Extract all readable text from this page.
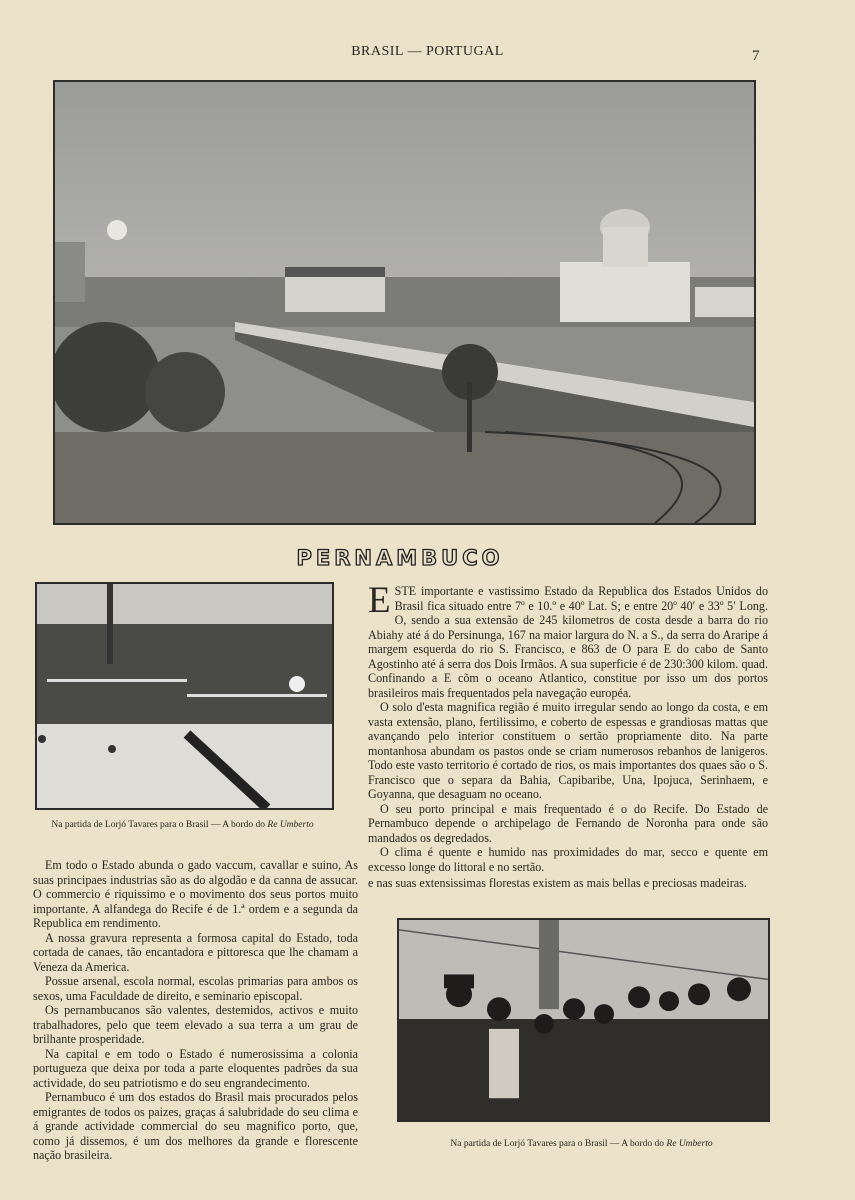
BRASIL — PORTUGAL	7
PERNAMBUCO
Na partida de Lorjó Tavares para o Brasil — A bordo do Re Umberto

ESTE importante e vastissimo Estado da Republica dos Estados Unidos do Brasil fica situado entre 7º e 10.º e 40º Lat. S; e entre 20º 40′ e 33º 5′ Long. O, sendo a sua extensão de 245 kilometros de costa desde a barra do rio Abiahy até á do Persinunga, 167 na maior largura do N. a S., da serra do Araripe á margem esquerda do rio S. Francisco, e 863 de O para E do cabo de Santo Agostinho até á serra dos Dois Irmãos. A sua superficie é de 230:300 kilom. quad. Confinando a E cõm o oceano Atlantico, constitue por isso um dos portos brasileiros mais frequentados pela navegação européa.

O solo d'esta magnifica região é muito irregular sendo ao longo da costa, e em vasta extensão, plano, fertilissimo, e coberto de espessas e grandiosas mattas que avançando pelo interior constituem o sertão propriamente dito. Na parte montanhosa abundam os pastos onde se criam numerosos rebanhos de lanigeros. Todo este vasto territorio é cortado de rios, os mais importantes dos quaes são o S. Francisco que o separa da Bahia, Capibaribe, Una, Ipojuca, Serinhaem, e Goyanna, que desaguam no oceano.

O seu porto principal e mais frequentado é o do Recife. Do Estado de Pernambuco depende o archipelago de Fernando de Noronha para onde são mandados os degredados.

O clima é quente e humido nas proximidades do mar, secco e quente em excesso longe do littoral e no sertão.

e nas suas extensissimas florestas existem as mais bellas e preciosas madeiras.

Em todo o Estado abunda o gado vaccum, cavallar e suino, As suas principaes industrias são as do algodão e da canna de assucar. O commercio é riquissimo e o movimento dos seus portos muito importante. A alfandega do Recife é de 1.ª ordem e a segunda da Republica em rendimento.

A nossa gravura representa a formosa capital do Estado, toda cortada de canaes, tão encantadora e pittoresca que lhe chamam a Veneza da America.

Possue arsenal, escola normal, escolas primarias para ambos os sexos, uma Faculdade de direito, e seminario episcopal.

Os pernambucanos são valentes, destemidos, activos e muito trabalhadores, pelo que teem elevado a sua terra a um grau de brilhante prosperidade.

Na capital e em todo o Estado é numerosissima a colonia portugueza que deixa por toda a parte eloquentes padrões da sua actividade, do seu patriotismo e do seu engrandecimento.

Pernambuco é um dos estados do Brasil mais procurados pelos emigrantes de todos os paizes, graças á salubridade do seu clima e á grande actividade commercial do seu magnifico porto, que, como já dissemos, é um dos melhores da grande e florescente nação brasileira.

Na partida de Lorjó Tavares para o Brasil — A bordo do Re Umberto
